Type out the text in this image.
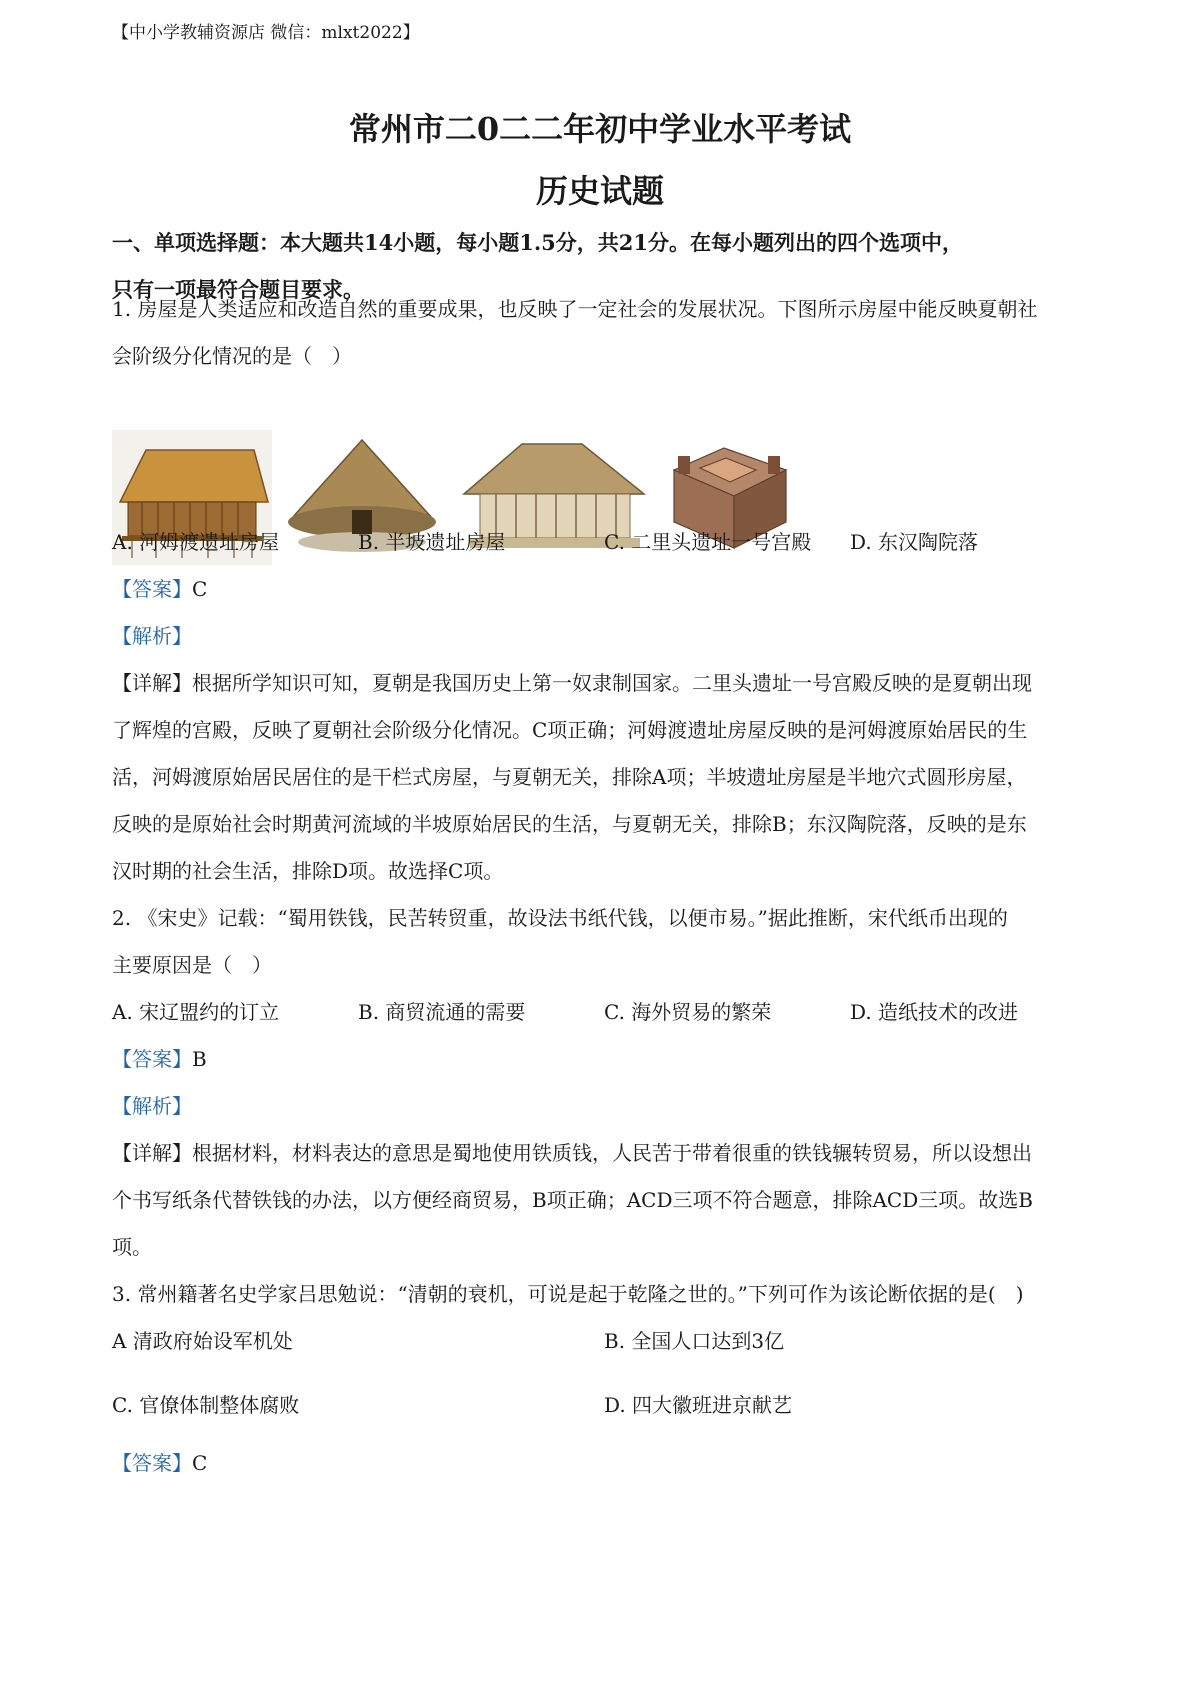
【中小学教辅资源店 微信：mlxt2022】
常州市二0二二年初中学业水平考试
历史试题
一、单项选择题：本大题共14小题，每小题1.5分，共21分。在每小题列出的四个选项中，
只有一项最符合题目要求。
1. 房屋是人类适应和改造自然的重要成果，也反映了一定社会的发展状况。下图所示房屋中能反映夏朝社
会阶级分化情况的是（　）
A. 河姆渡遗址房屋	B. 半坡遗址房屋	C. 二里头遗址一号宫殿 D. 东汉陶院落
【答案】C
【解析】
【详解】根据所学知识可知，夏朝是我国历史上第一奴隶制国家。二里头遗址一号宫殿反映的是夏朝出现
了辉煌的宫殿，反映了夏朝社会阶级分化情况。C项正确；河姆渡遗址房屋反映的是河姆渡原始居民的生
活，河姆渡原始居民居住的是干栏式房屋，与夏朝无关，排除A项；半坡遗址房屋是半地穴式圆形房屋，
反映的是原始社会时期黄河流域的半坡原始居民的生活，与夏朝无关，排除B；东汉陶院落，反映的是东
汉时期的社会生活，排除D项。故选择C项。
2. 《宋史》记载：“蜀用铁钱，民苦转贸重，故设法书纸代钱，以便市易。”据此推断，宋代纸币出现的
主要原因是（　）
A. 宋辽盟约的订立	B. 商贸流通的需要	C. 海外贸易的繁荣	D. 造纸技术的改进
【答案】B
【解析】
【详解】根据材料，材料表达的意思是蜀地使用铁质钱，人民苦于带着很重的铁钱辗转贸易，所以设想出
个书写纸条代替铁钱的办法，以方便经商贸易，B项正确；ACD三项不符合题意，排除ACD三项。故选B
项。
3. 常州籍著名史学家吕思勉说：“清朝的衰机，可说是起于乾隆之世的。”下列可作为该论断依据的是(　)
A 清政府始设军机处	B. 全国人口达到3亿
C. 官僚体制整体腐败	D. 四大徽班进京献艺
【答案】C
